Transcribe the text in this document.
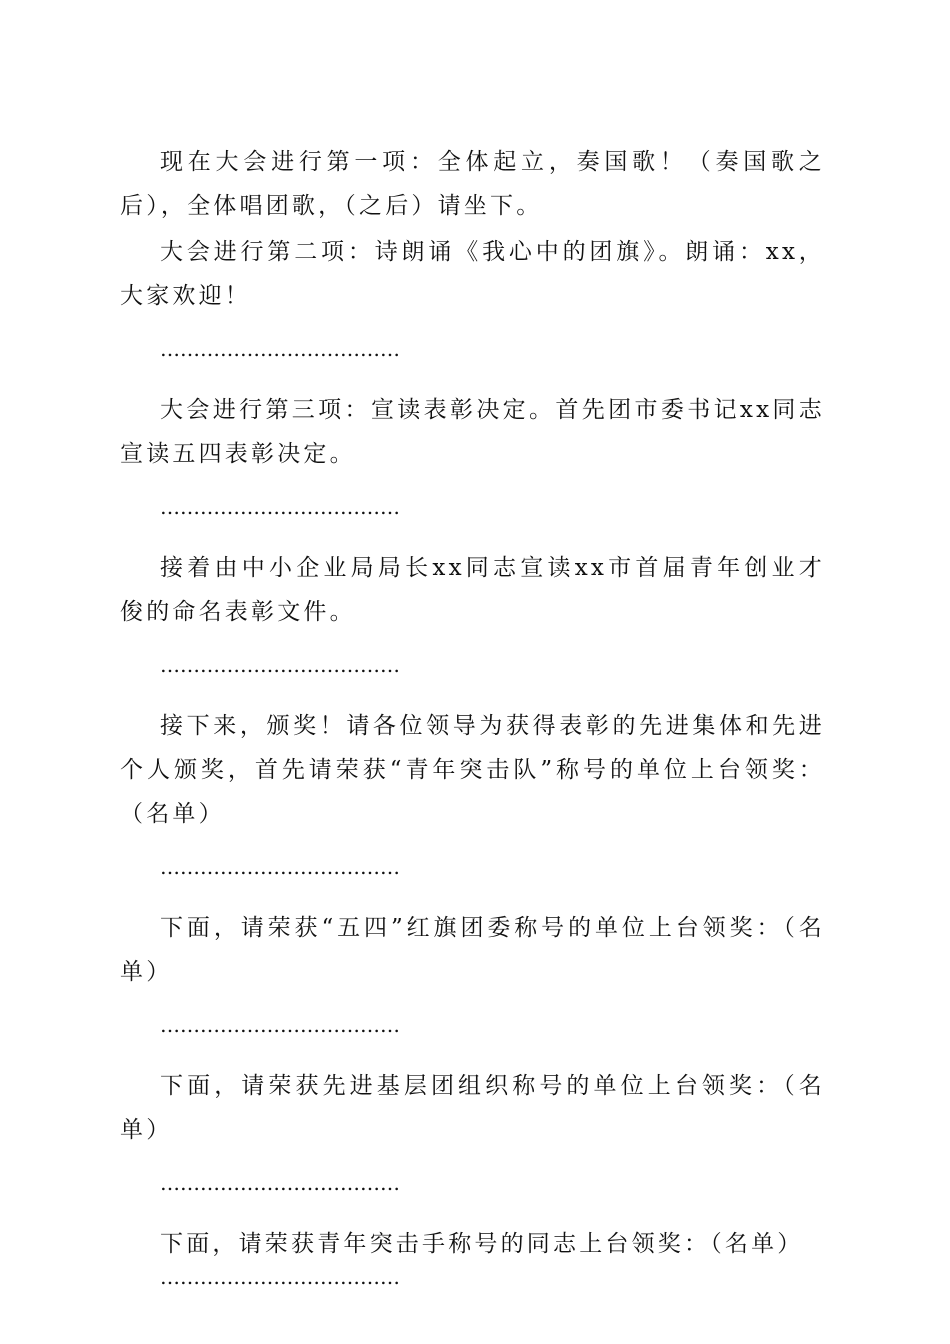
现在大会进行第一项：全体起立，奏国歌！（奏国歌之后），全体唱团歌，（之后）请坐下。

大会进行第二项：诗朗诵《我心中的团旗》。朗诵：xx，大家欢迎！

………………………………

大会进行第三项：宣读表彰决定。首先团市委书记xx同志宣读五四表彰决定。

………………………………

接着由中小企业局局长xx同志宣读xx市首届青年创业才俊的命名表彰文件。

………………………………

接下来，颁奖！请各位领导为获得表彰的先进集体和先进个人颁奖，首先请荣获“青年突击队”称号的单位上台领奖：（名单）

………………………………

下面，请荣获“五四”红旗团委称号的单位上台领奖：（名单）

………………………………

下面，请荣获先进基层团组织称号的单位上台领奖：（名单）

………………………………

下面，请荣获青年突击手称号的同志上台领奖：（名单）

………………………………
